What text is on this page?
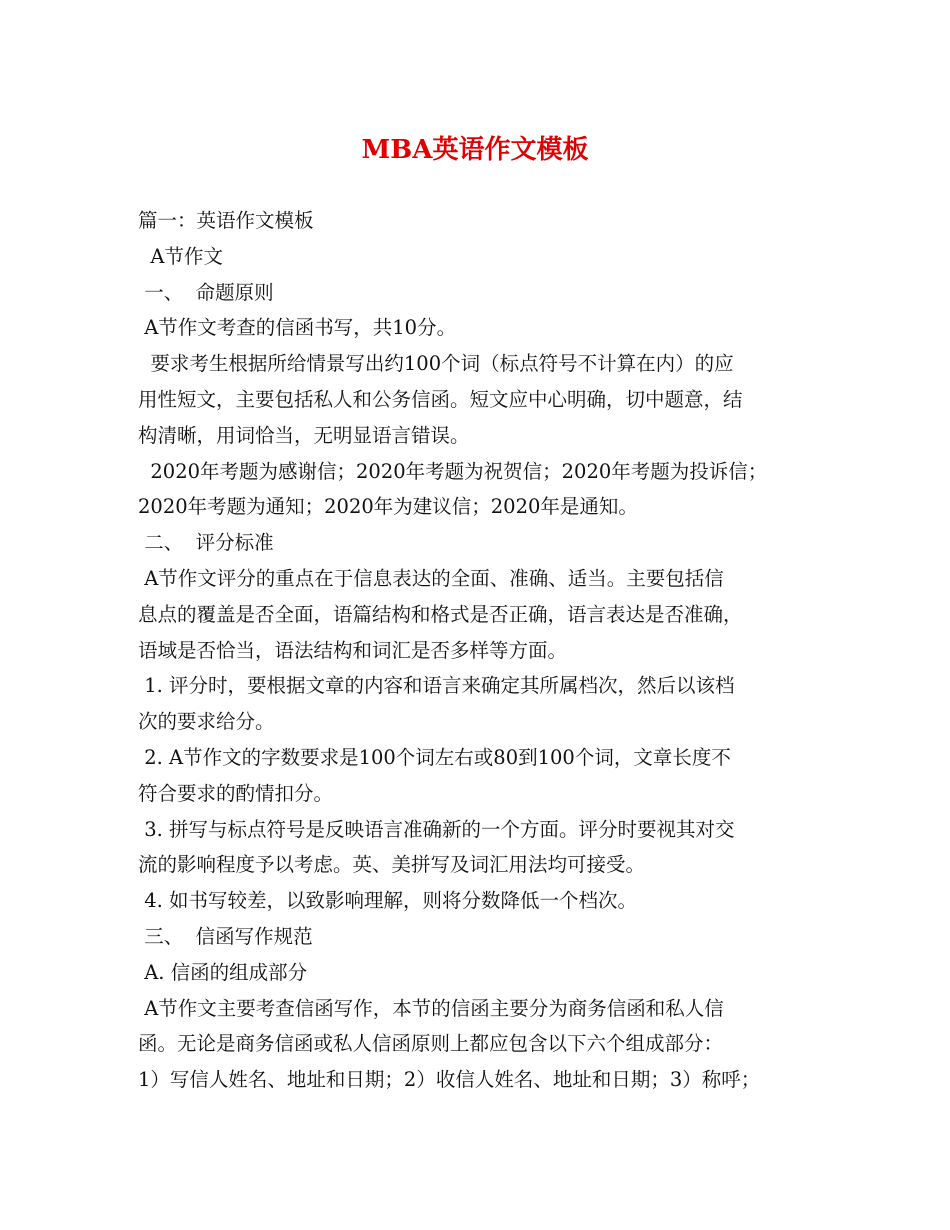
MBA英语作文模板
篇一：英语作文模板
A节作文
一、  命题原则
A节作文考查的信函书写，共10分。
要求考生根据所给情景写出约100个词（标点符号不计算在内）的应
用性短文，主要包括私人和公务信函。短文应中心明确，切中题意，结
构清晰，用词恰当，无明显语言错误。
2020年考题为感谢信；2020年考题为祝贺信；2020年考题为投诉信；
2020年考题为通知；2020年为建议信；2020年是通知。
二、  评分标准
A节作文评分的重点在于信息表达的全面、准确、适当。主要包括信
息点的覆盖是否全面，语篇结构和格式是否正确，语言表达是否准确，
语域是否恰当，语法结构和词汇是否多样等方面。
1. 评分时，要根据文章的内容和语言来确定其所属档次，然后以该档
次的要求给分。
2. A节作文的字数要求是100个词左右或80到100个词，文章长度不
符合要求的酌情扣分。
3. 拼写与标点符号是反映语言准确新的一个方面。评分时要视其对交
流的影响程度予以考虑。英、美拼写及词汇用法均可接受。
4. 如书写较差，以致影响理解，则将分数降低一个档次。
三、  信函写作规范
A. 信函的组成部分
A节作文主要考查信函写作，本节的信函主要分为商务信函和私人信
函。无论是商务信函或私人信函原则上都应包含以下六个组成部分：
1）写信人姓名、地址和日期；2）收信人姓名、地址和日期；3）称呼；
